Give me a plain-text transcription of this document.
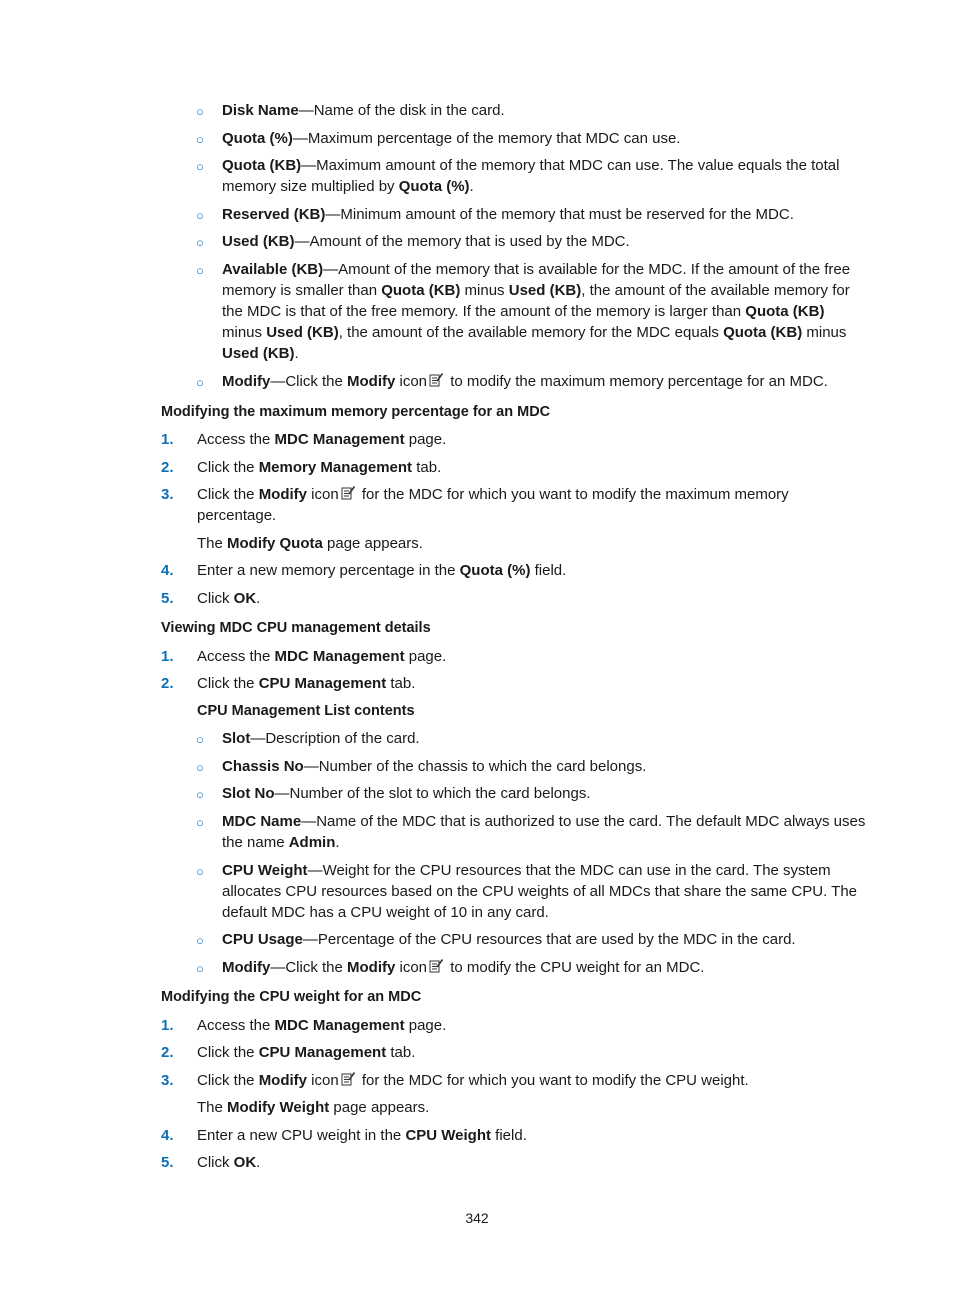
○ Disk Name—Name of the disk in the card.
○ Quota (%)—Maximum percentage of the memory that MDC can use.
○ Quota (KB)—Maximum amount of the memory that MDC can use. The value equals the total memory size multiplied by Quota (%).
○ Reserved (KB)—Minimum amount of the memory that must be reserved for the MDC.
○ Used (KB)—Amount of the memory that is used by the MDC.
○ Available (KB)—Amount of the memory that is available for the MDC. If the amount of the free memory is smaller than Quota (KB) minus Used (KB), the amount of the available memory for the MDC is that of the free memory. If the amount of the memory is larger than Quota (KB) minus Used (KB), the amount of the available memory for the MDC equals Quota (KB) minus Used (KB).
○ Modify—Click the Modify icon to modify the maximum memory percentage for an MDC.
Modifying the maximum memory percentage for an MDC
1. Access the MDC Management page.
2. Click the Memory Management tab.
3. Click the Modify icon for the MDC for which you want to modify the maximum memory percentage.
The Modify Quota page appears.
4. Enter a new memory percentage in the Quota (%) field.
5. Click OK.
Viewing MDC CPU management details
1. Access the MDC Management page.
2. Click the CPU Management tab.
CPU Management List contents
○ Slot—Description of the card.
○ Chassis No—Number of the chassis to which the card belongs.
○ Slot No—Number of the slot to which the card belongs.
○ MDC Name—Name of the MDC that is authorized to use the card. The default MDC always uses the name Admin.
○ CPU Weight—Weight for the CPU resources that the MDC can use in the card. The system allocates CPU resources based on the CPU weights of all MDCs that share the same CPU. The default MDC has a CPU weight of 10 in any card.
○ CPU Usage—Percentage of the CPU resources that are used by the MDC in the card.
○ Modify—Click the Modify icon to modify the CPU weight for an MDC.
Modifying the CPU weight for an MDC
1. Access the MDC Management page.
2. Click the CPU Management tab.
3. Click the Modify icon for the MDC for which you want to modify the CPU weight.
The Modify Weight page appears.
4. Enter a new CPU weight in the CPU Weight field.
5. Click OK.
342
